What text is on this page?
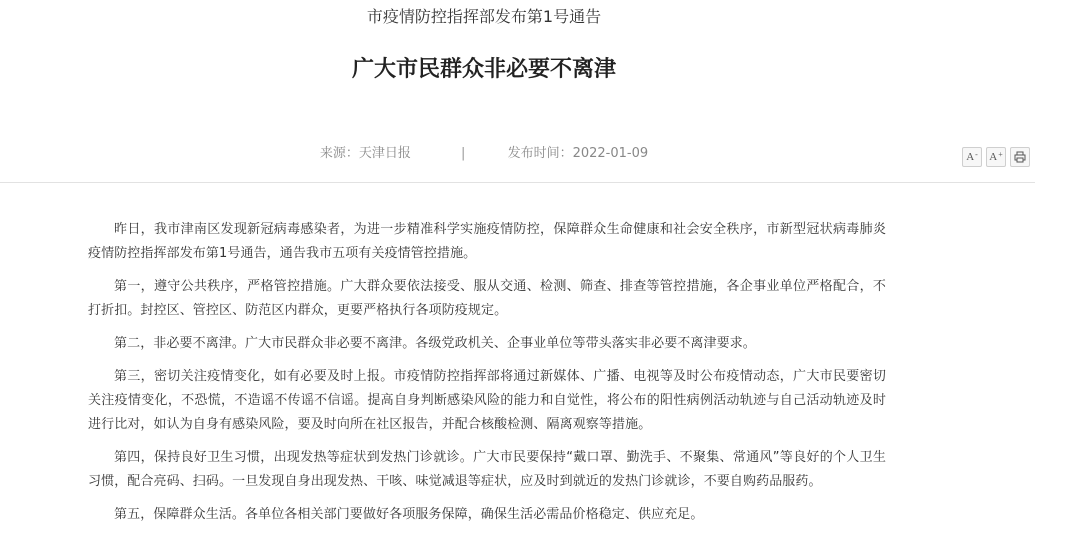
市疫情防控指挥部发布第1号通告
广大市民群众非必要不离津
来源：天津日报	|	发布时间：2022-01-09	A- A+

昨日，我市津南区发现新冠病毒感染者，为进一步精准科学实施疫情防控，保障群众生命健康和社会安全秩序，市新型冠状病毒肺炎疫情防控指挥部发布第1号通告，通告我市五项有关疫情管控措施。

第一，遵守公共秩序，严格管控措施。广大群众要依法接受、服从交通、检测、筛查、排查等管控措施，各企事业单位严格配合，不打折扣。封控区、管控区、防范区内群众，更要严格执行各项防疫规定。

第二，非必要不离津。广大市民群众非必要不离津。各级党政机关、企事业单位等带头落实非必要不离津要求。

第三，密切关注疫情变化，如有必要及时上报。市疫情防控指挥部将通过新媒体、广播、电视等及时公布疫情动态，广大市民要密切关注疫情变化，不恐慌，不造谣不传谣不信谣。提高自身判断感染风险的能力和自觉性，将公布的阳性病例活动轨迹与自己活动轨迹及时进行比对，如认为自身有感染风险，要及时向所在社区报告，并配合核酸检测、隔离观察等措施。

第四，保持良好卫生习惯，出现发热等症状到发热门诊就诊。广大市民要保持“戴口罩、勤洗手、不聚集、常通风”等良好的个人卫生习惯，配合亮码、扫码。一旦发现自身出现发热、干咳、味觉减退等症状，应及时到就近的发热门诊就诊，不要自购药品服药。

第五，保障群众生活。各单位各相关部门要做好各项服务保障，确保生活必需品价格稳定、供应充足。
